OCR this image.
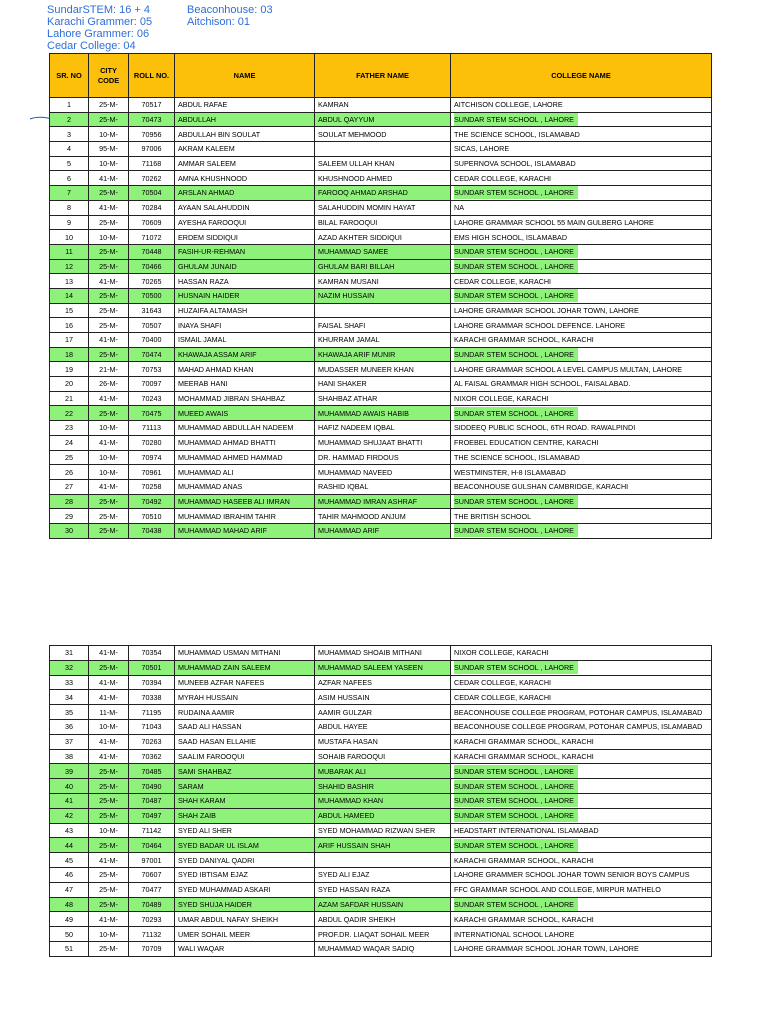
SundarSTEM: 16 + 4
Karachi Grammer: 05
Lahore Grammer: 06
Cedar College: 04
Beaconhouse: 03
Aitchison: 01
SR. NO	CITY CODE	ROLL NO.	NAME	FATHER NAME	COLLEGE NAME
1	25-M-	70517	ABDUL RAFAE	KAMRAN	AITCHISON COLLEGE, LAHORE
2	25-M-	70473	ABDULLAH	ABDUL QAYYUM	SUNDAR STEM SCHOOL , LAHORE
3	10-M-	70956	ABDULLAH BIN SOULAT	SOULAT MEHMOOD	THE SCIENCE SCHOOL, ISLAMABAD
4	95-M-	97006	AKRAM KALEEM		SICAS, LAHORE
5	10-M-	71168	AMMAR SALEEM	SALEEM ULLAH KHAN	SUPERNOVA SCHOOL, ISLAMABAD
6	41-M-	70262	AMNA KHUSHNOOD	KHUSHNOOD AHMED	CEDAR COLLEGE, KARACHI
7	25-M-	70504	ARSLAN AHMAD	FAROOQ AHMAD ARSHAD	SUNDAR STEM SCHOOL , LAHORE
8	41-M-	70284	AYAAN SALAHUDDIN	SALAHUDDIN MOMIN HAYAT	NA
9	25-M-	70609	AYESHA FAROOQUI	BILAL FAROOQUI	LAHORE GRAMMAR SCHOOL 55 MAIN GULBERG LAHORE
10	10-M-	71072	ERDEM SIDDIQUI	AZAD AKHTER SIDDIQUI	EMS HIGH SCHOOL, ISLAMABAD
11	25-M-	70448	FASIH-UR-REHMAN	MUHAMMAD SAMEE	SUNDAR STEM SCHOOL , LAHORE
12	25-M-	70466	GHULAM JUNAID	GHULAM BARI BILLAH	SUNDAR STEM SCHOOL , LAHORE
13	41-M-	70265	HASSAN RAZA	KAMRAN MUSANI	CEDAR COLLEGE, KARACHI
14	25-M-	70500	HUSNAIN HAIDER	NAZIM HUSSAIN	SUNDAR STEM SCHOOL , LAHORE
15	25-M-	31643	HUZAIFA ALTAMASH		LAHORE GRAMMAR SCHOOL JOHAR TOWN, LAHORE
16	25-M-	70507	INAYA SHAFI	FAISAL SHAFI	LAHORE GRAMMAR SCHOOL DEFENCE. LAHORE
17	41-M-	70400	ISMAIL JAMAL	KHURRAM JAMAL	KARACHI GRAMMAR SCHOOL, KARACHI
18	25-M-	70474	KHAWAJA ASSAM ARIF	KHAWAJA ARIF MUNIR	SUNDAR STEM SCHOOL , LAHORE
19	21-M-	70753	MAHAD AHMAD KHAN	MUDASSER MUNEER KHAN	LAHORE GRAMMAR SCHOOL A LEVEL CAMPUS MULTAN, LAHORE
20	26-M-	70097	MEERAB HANI	HANI SHAKER	AL FAISAL GRAMMAR HIGH SCHOOL, FAISALABAD.
21	41-M-	70243	MOHAMMAD JIBRAN SHAHBAZ	SHAHBAZ ATHAR	NIXOR COLLEGE, KARACHI
22	25-M-	70475	MUEED AWAIS	MUHAMMAD AWAIS HABIB	SUNDAR STEM SCHOOL , LAHORE
23	10-M-	71113	MUHAMMAD ABDULLAH NADEEM	HAFIZ NADEEM IQBAL	SIDDEEQ PUBLIC SCHOOL, 6TH ROAD. RAWALPINDI
24	41-M-	70280	MUHAMMAD AHMAD BHATTI	MUHAMMAD SHUJAAT BHATTI	FROEBEL EDUCATION CENTRE, KARACHI
25	10-M-	70974	MUHAMMAD AHMED HAMMAD	DR. HAMMAD FIRDOUS	THE SCIENCE SCHOOL, ISLAMABAD
26	10-M-	70961	MUHAMMAD ALI	MUHAMMAD NAVEED	WESTMINSTER, H-8 ISLAMABAD
27	41-M-	70258	MUHAMMAD ANAS	RASHID IQBAL	BEACONHOUSE GULSHAN CAMBRIDGE, KARACHI
28	25-M-	70492	MUHAMMAD HASEEB ALI IMRAN	MUHAMMAD IMRAN ASHRAF	SUNDAR STEM SCHOOL , LAHORE
29	25-M-	70510	MUHAMMAD IBRAHIM TAHIR	TAHIR MAHMOOD ANJUM	THE BRITISH SCHOOL
30	25-M-	70438	MUHAMMAD MAHAD ARIF	MUHAMMAD ARIF	SUNDAR STEM SCHOOL , LAHORE
31	41-M-	70354	MUHAMMAD USMAN MITHANI	MUHAMMAD SHOAIB MITHANI	NIXOR COLLEGE, KARACHI
32	25-M-	70501	MUHAMMAD ZAIN SALEEM	MUHAMMAD SALEEM YASEEN	SUNDAR STEM SCHOOL , LAHORE
33	41-M-	70394	MUNEEB AZFAR NAFEES	AZFAR NAFEES	CEDAR COLLEGE, KARACHI
34	41-M-	70338	MYRAH HUSSAIN	ASIM HUSSAIN	CEDAR COLLEGE, KARACHI
35	11-M-	71195	RUDAINA AAMIR	AAMIR GULZAR	BEACONHOUSE COLLEGE PROGRAM, POTOHAR CAMPUS, ISLAMABAD
36	10-M-	71043	SAAD ALI HASSAN	ABDUL HAYEE	BEACONHOUSE COLLEGE PROGRAM, POTOHAR CAMPUS, ISLAMABAD
37	41-M-	70263	SAAD HASAN ELLAHIE	MUSTAFA HASAN	KARACHI GRAMMAR SCHOOL, KARACHI
38	41-M-	70362	SAALIM FAROOQUI	SOHAIB FAROOQUI	KARACHI GRAMMAR SCHOOL, KARACHI
39	25-M-	70485	SAMI SHAHBAZ	MUBARAK ALI	SUNDAR STEM SCHOOL , LAHORE
40	25-M-	70490	SARAM	SHAHID BASHIR	SUNDAR STEM SCHOOL , LAHORE
41	25-M-	70487	SHAH KARAM	MUHAMMAD KHAN	SUNDAR STEM SCHOOL , LAHORE
42	25-M-	70497	SHAH ZAIB	ABDUL HAMEED	SUNDAR STEM SCHOOL , LAHORE
43	10-M-	71142	SYED ALI SHER	SYED MOHAMMAD RIZWAN SHER	HEADSTART INTERNATIONAL ISLAMABAD
44	25-M-	70464	SYED BADAR UL ISLAM	ARIF HUSSAIN SHAH	SUNDAR STEM SCHOOL , LAHORE
45	41-M-	97001	SYED DANIYAL QADRI		KARACHI GRAMMAR SCHOOL, KARACHI
46	25-M-	70607	SYED IBTISAM EJAZ	SYED ALI EJAZ	LAHORE GRAMMER SCHOOL JOHAR TOWN SENIOR BOYS CAMPUS
47	25-M-	70477	SYED MUHAMMAD ASKARI	SYED HASSAN RAZA	FFC GRAMMAR SCHOOL AND COLLEGE, MIRPUR MATHELO
48	25-M-	70489	SYED SHUJA HAIDER	AZAM SAFDAR HUSSAIN	SUNDAR STEM SCHOOL , LAHORE
49	41-M-	70293	UMAR ABDUL NAFAY SHEIKH	ABDUL QADIR SHEIKH	KARACHI GRAMMAR SCHOOL, KARACHI
50	10-M-	71132	UMER SOHAIL MEER	PROF.DR. LIAQAT SOHAIL MEER	INTERNATIONAL SCHOOL LAHORE
51	25-M-	70709	WALI WAQAR	MUHAMMAD WAQAR SADIQ	LAHORE GRAMMAR SCHOOL JOHAR TOWN, LAHORE
